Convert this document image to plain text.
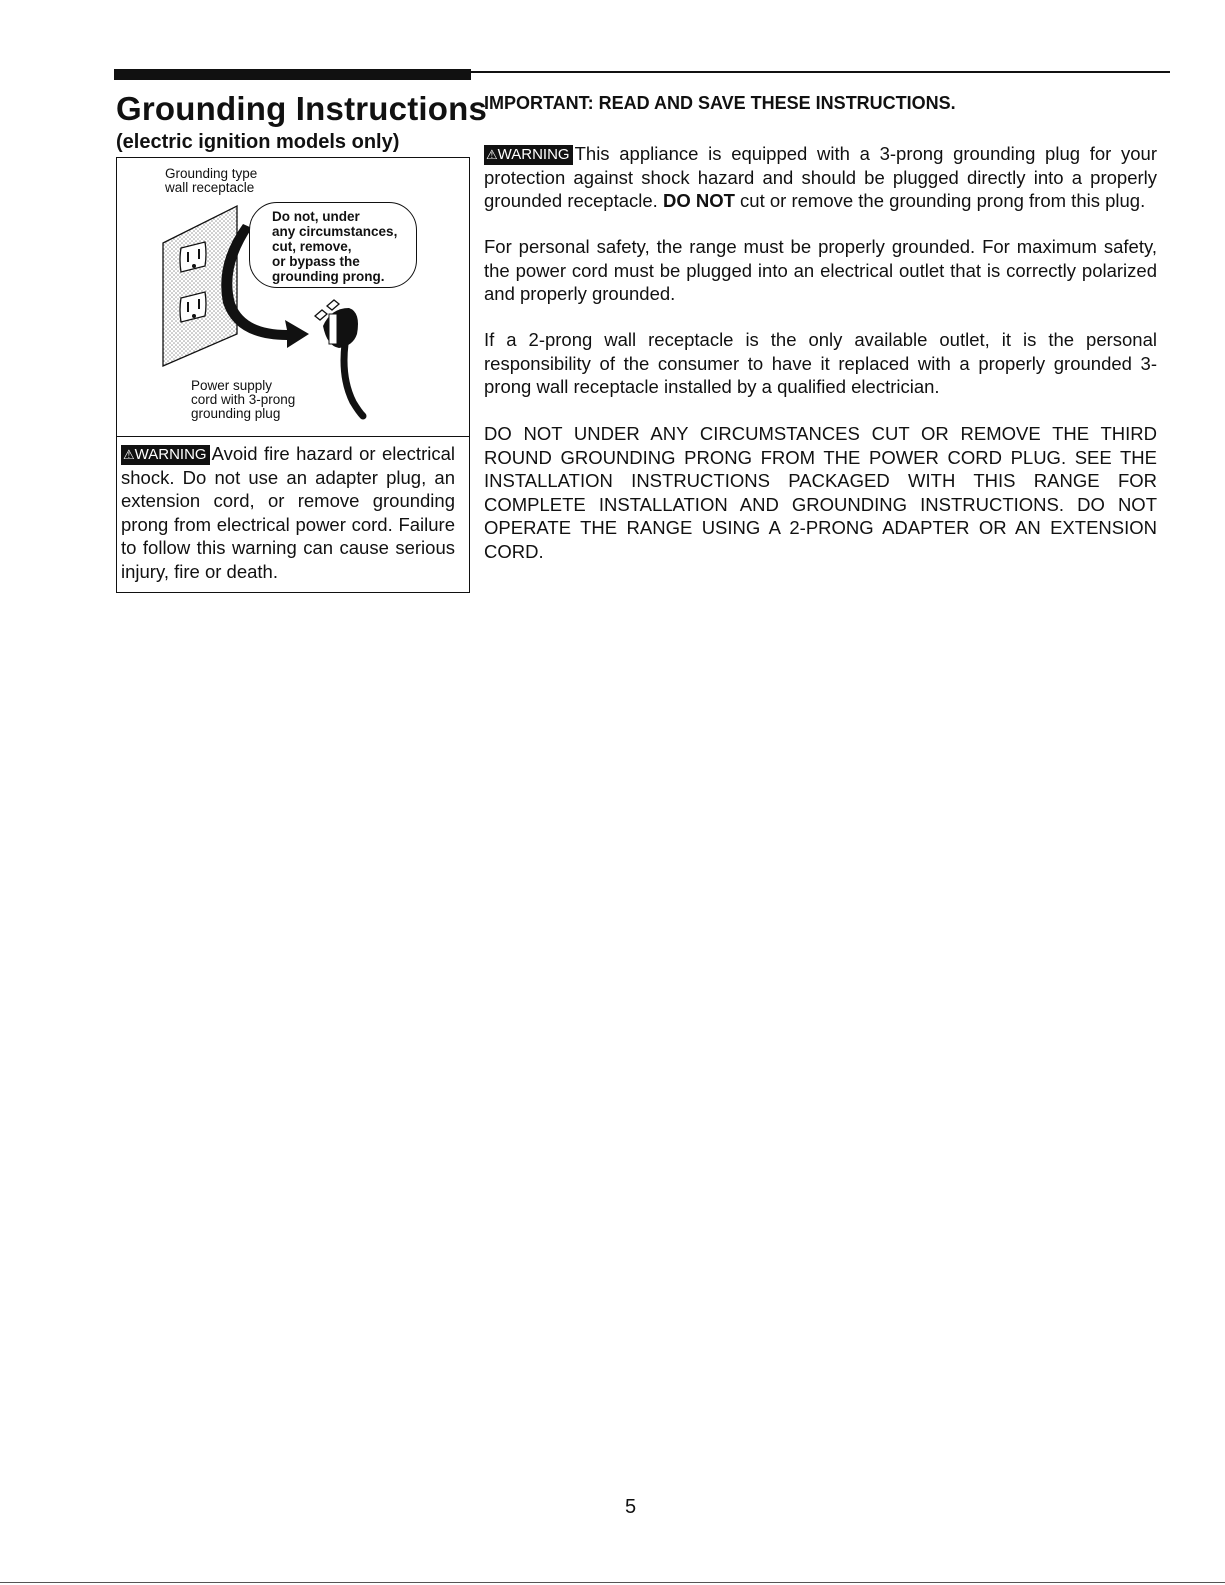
Grounding Instructions
(electric ignition models only)
Grounding type
wall receptacle
Do not, under
any circumstances,
cut, remove,
or bypass the
grounding prong.
Power supply
cord with 3-prong
grounding plug
⚠WARNING Avoid fire hazard or electrical shock. Do not use an adapter plug, an extension cord, or remove grounding prong from electrical power cord. Failure to follow this warning can cause serious injury, fire or death.
IMPORTANT: READ AND SAVE THESE INSTRUCTIONS.

⚠WARNING This appliance is equipped with a 3-prong grounding plug for your protection against shock hazard and should be plugged directly into a properly grounded receptacle. DO NOT cut or remove the grounding prong from this plug.

For personal safety, the range must be properly grounded. For maximum safety, the power cord must be plugged into an electrical outlet that is correctly polarized and properly grounded.

If a 2-prong wall receptacle is the only available outlet, it is the personal responsibility of the consumer to have it replaced with a properly grounded 3-prong wall receptacle installed by a qualified electrician.

DO NOT UNDER ANY CIRCUMSTANCES CUT OR REMOVE THE THIRD ROUND GROUNDING PRONG FROM THE POWER CORD PLUG. SEE THE INSTALLATION INSTRUCTIONS PACKAGED WITH THIS RANGE FOR COMPLETE INSTALLATION AND GROUNDING INSTRUCTIONS. DO NOT OPERATE THE RANGE USING A 2-PRONG ADAPTER OR AN EXTENSION CORD.

5
